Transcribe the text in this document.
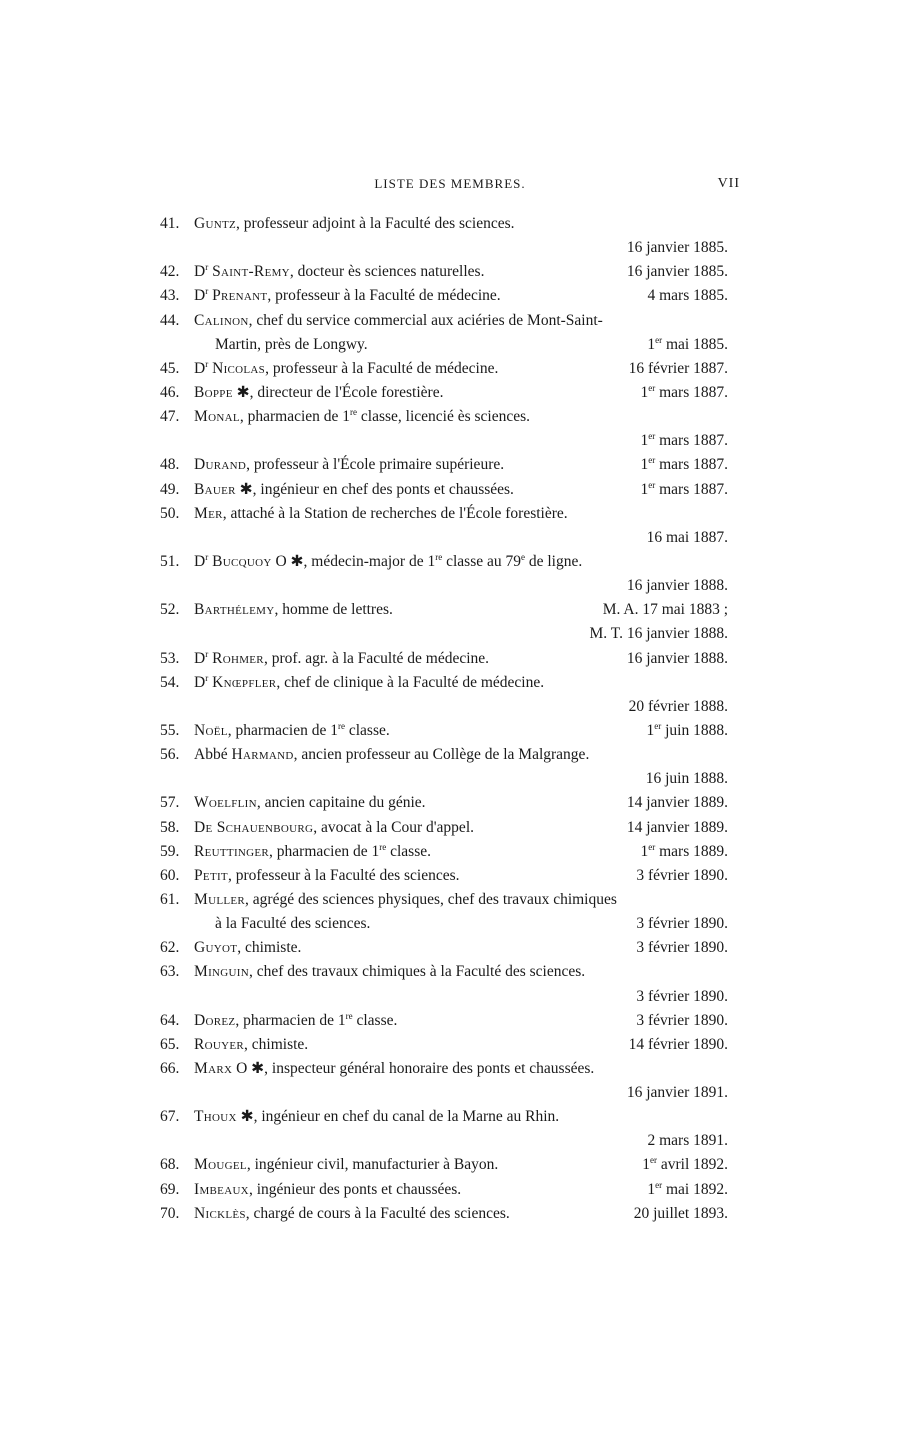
LISTE DES MEMBRES.	VII
41. Guntz, professeur adjoint à la Faculté des sciences.
16 janvier 1885.
42. $D^r$ Saint-Remy, docteur ès sciences naturelles.	16 janvier 1885.
43. $D^r$ Prenant, professeur à la Faculté de médecine.	4 mars 1885.
44. Calinon, chef du service commercial aux aciéries de Mont-Saint-
Martin, près de Longwy.	1er mai 1885.
45. $D^r$ Nicolas, professeur à la Faculté de médecine.	16 février 1887.
46. Boppe ✱, directeur de l'École forestière.	1er mars 1887.
47. Monal, pharmacien de 1re classe, licencié ès sciences.
1er mars 1887.
48. Durand, professeur à l'École primaire supérieure.	1er mars 1887.
49. Bauer ✱, ingénieur en chef des ponts et chaussées.	1er mars 1887.
50. Mer, attaché à la Station de recherches de l'École forestière.
16 mai 1887.
51. $D^r$ Bucquoy O ✱, médecin-major de 1re classe au 79e de ligne.
16 janvier 1888.
52. Barthélemy, homme de lettres.	M. A. 17 mai 1883 ;
M. T. 16 janvier 1888.
53. $D^r$ Rohmer, prof. agr. à la Faculté de médecine.	16 janvier 1888.
54. $D^r$ Knœpfler, chef de clinique à la Faculté de médecine.
20 février 1888.
55. Noël, pharmacien de 1re classe.	1er juin 1888.
56. Abbé Harmand, ancien professeur au Collège de la Malgrange.
16 juin 1888.
57. Woelflin, ancien capitaine du génie.	14 janvier 1889.
58. De Schauenbourg, avocat à la Cour d'appel.	14 janvier 1889.
59. Reuttinger, pharmacien de 1re classe.	1er mars 1889.
60. Petit, professeur à la Faculté des sciences.	3 février 1890.
61. Muller, agrégé des sciences physiques, chef des travaux chimiques
à la Faculté des sciences.	3 février 1890.
62. Guyot, chimiste.	3 février 1890.
63. Minguin, chef des travaux chimiques à la Faculté des sciences.
3 février 1890.
64. Dorez, pharmacien de 1re classe.	3 février 1890.
65. Rouyer, chimiste.	14 février 1890.
66. Marx O ✱, inspecteur général honoraire des ponts et chaussées.
16 janvier 1891.
67. Thoux ✱, ingénieur en chef du canal de la Marne au Rhin.
2 mars 1891.
68. Mougel, ingénieur civil, manufacturier à Bayon.	1er avril 1892.
69. Imbeaux, ingénieur des ponts et chaussées.	1er mai 1892.
70. Nicklès, chargé de cours à la Faculté des sciences.	20 juillet 1893.
